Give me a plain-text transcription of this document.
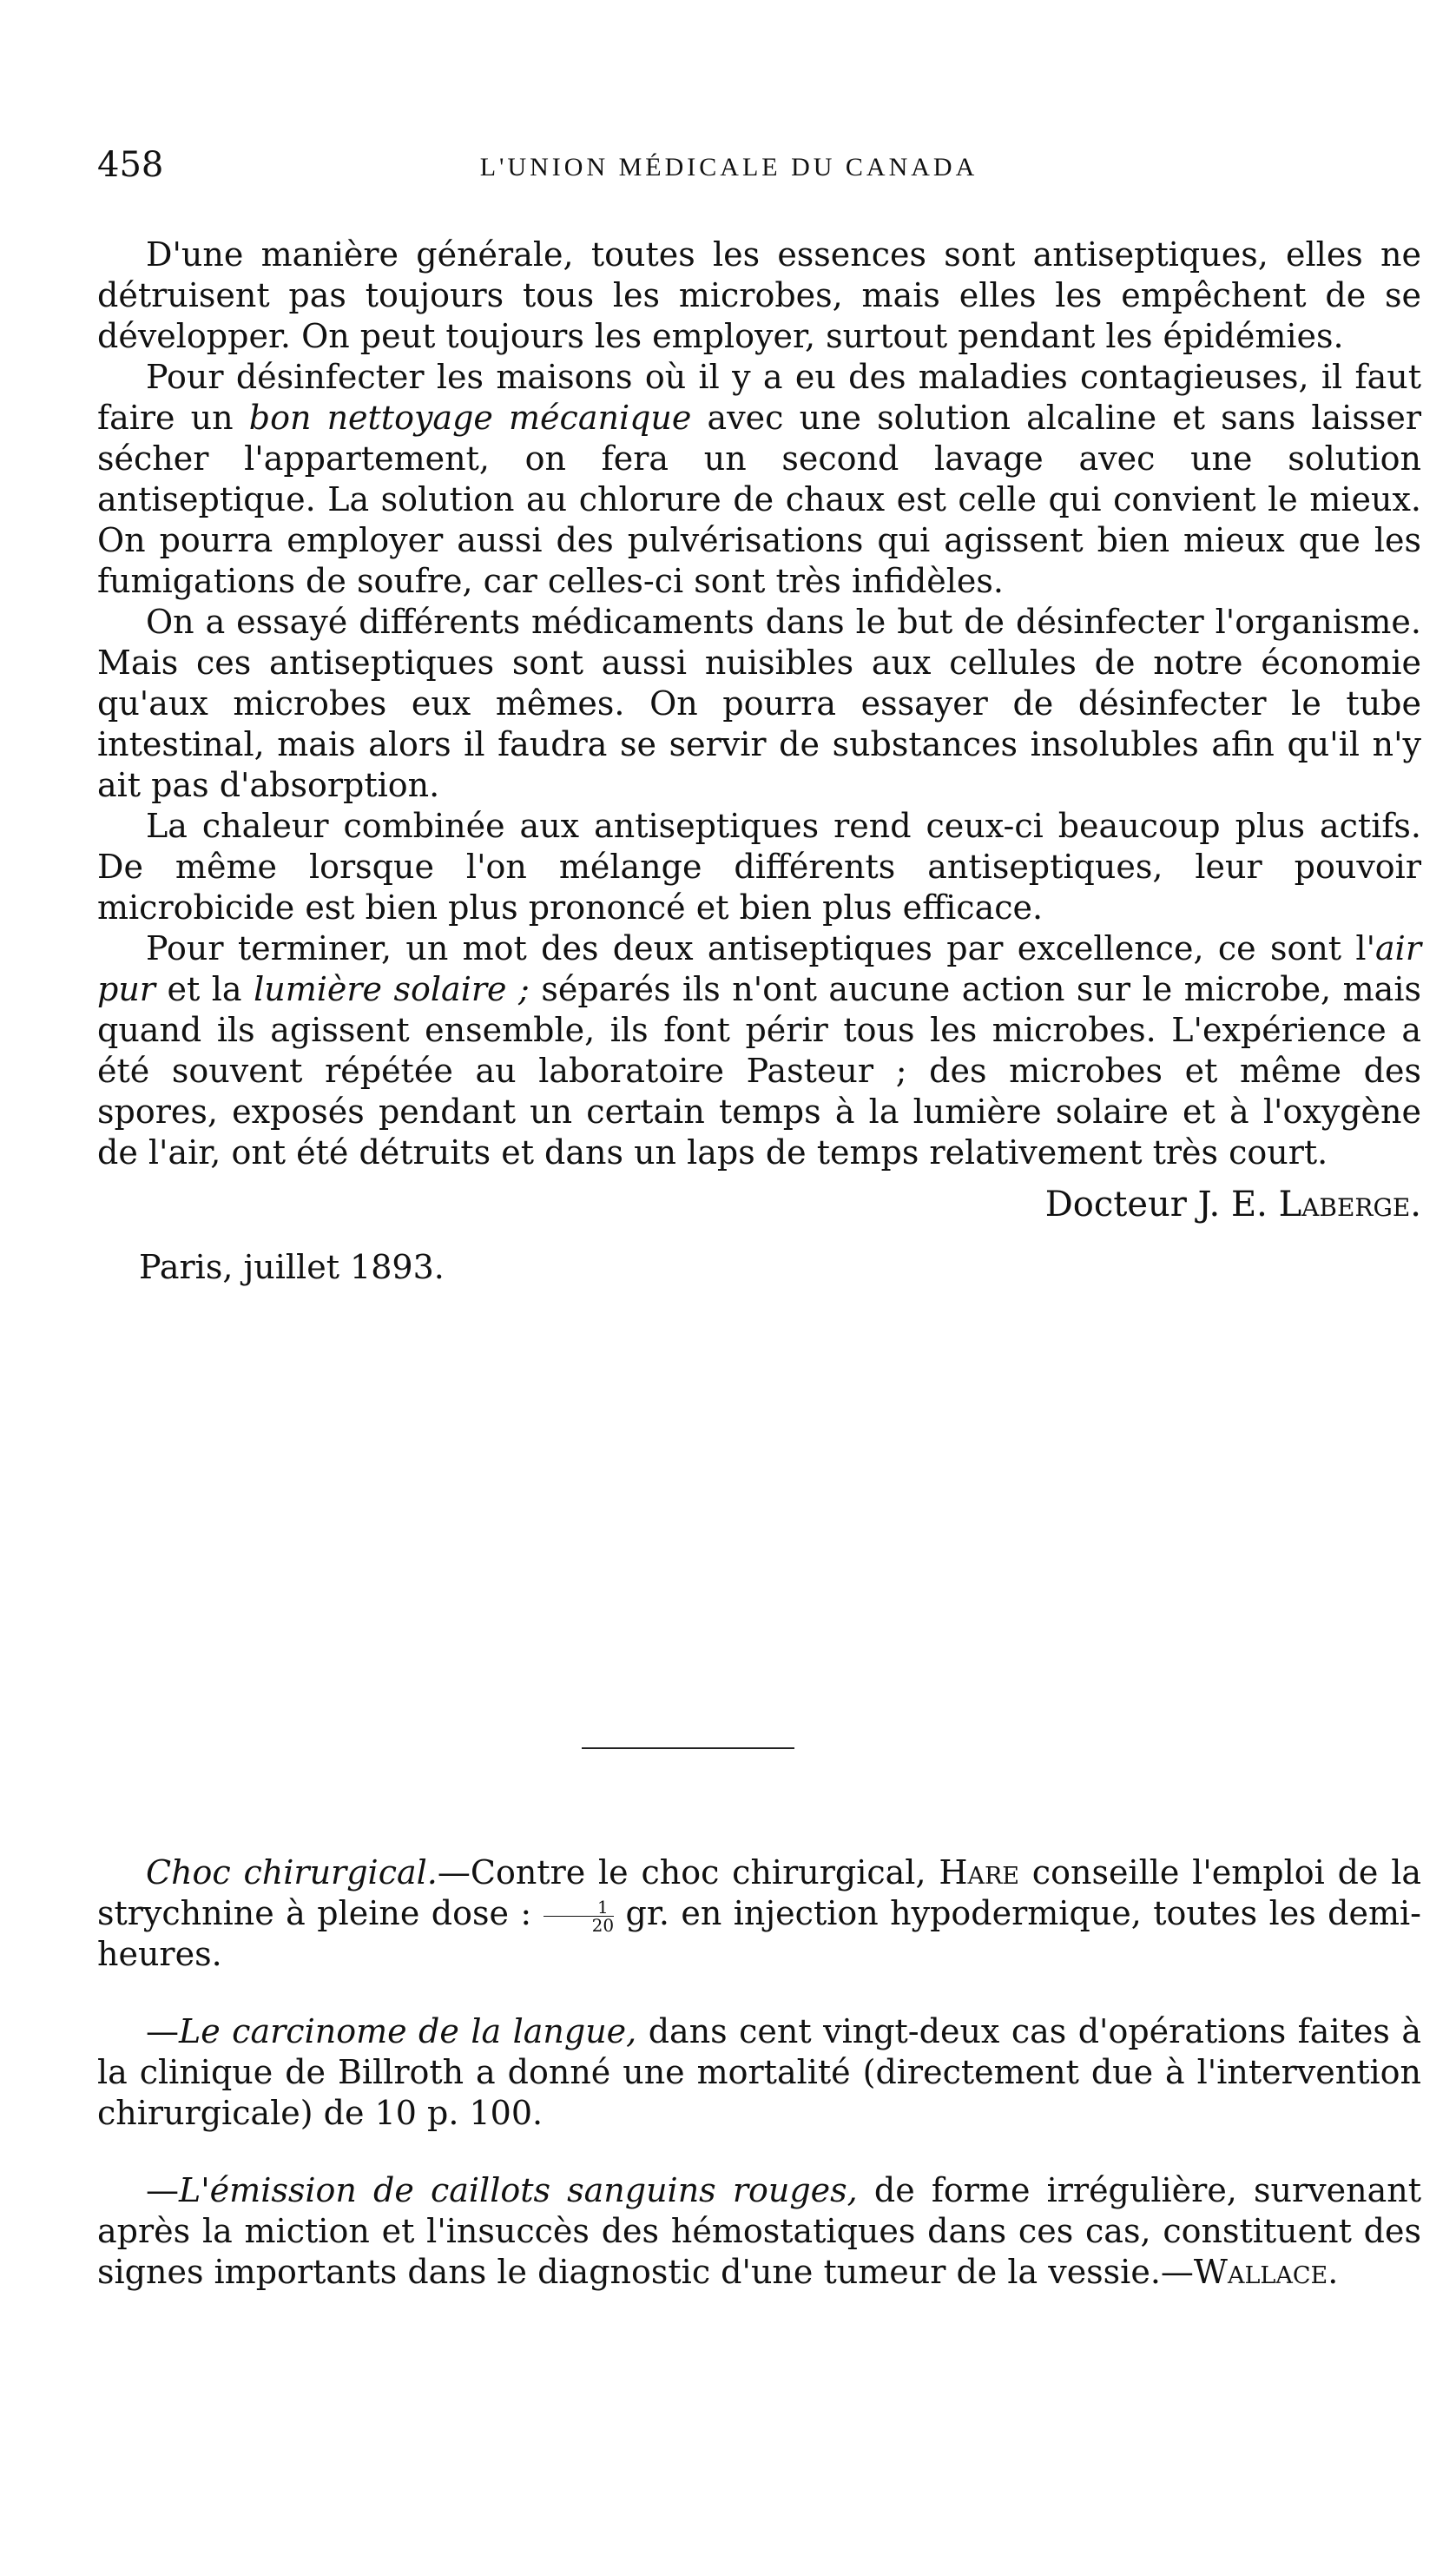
458	L'UNION MÉDICALE DU CANADA

D'une manière générale, toutes les essences sont antiseptiques, elles ne détruisent pas toujours tous les microbes, mais elles les empêchent de se développer. On peut toujours les employer, surtout pendant les épidémies.

Pour désinfecter les maisons où il y a eu des maladies contagieuses, il faut faire un bon nettoyage mécanique avec une solution alcaline et sans laisser sécher l'appartement, on fera un second lavage avec une solution antiseptique. La solution au chlorure de chaux est celle qui convient le mieux. On pourra employer aussi des pulvérisations qui agissent bien mieux que les fumigations de soufre, car celles-ci sont très infidèles.

On a essayé différents médicaments dans le but de désinfecter l'organisme. Mais ces antiseptiques sont aussi nuisibles aux cellules de notre économie qu'aux microbes eux mêmes. On pourra essayer de désinfecter le tube intestinal, mais alors il faudra se servir de substances insolubles afin qu'il n'y ait pas d'absorption.

La chaleur combinée aux antiseptiques rend ceux-ci beaucoup plus actifs. De même lorsque l'on mélange différents antiseptiques, leur pouvoir microbicide est bien plus prononcé et bien plus efficace.

Pour terminer, un mot des deux antiseptiques par excellence, ce sont l'air pur et la lumière solaire ; séparés ils n'ont aucune action sur le microbe, mais quand ils agissent ensemble, ils font périr tous les microbes. L'expérience a été souvent répétée au laboratoire Pasteur ; des microbes et même des spores, exposés pendant un certain temps à la lumière solaire et à l'oxygène de l'air, ont été détruits et dans un laps de temps relativement très court.

Docteur J. E. Laberge.

Paris, juillet 1893.

Choc chirurgical.—Contre le choc chirurgical, Hare conseille l'emploi de la strychnine à pleine dose : $\frac{1}{20}$ gr. en injection hypodermique, toutes les demi-heures.

—Le carcinome de la langue, dans cent vingt-deux cas d'opérations faites à la clinique de Billroth a donné une mortalité (directement due à l'intervention chirurgicale) de 10 p. 100.

—L'émission de caillots sanguins rouges, de forme irrégulière, survenant après la miction et l'insuccès des hémostatiques dans ces cas, constituent des signes importants dans le diagnostic d'une tumeur de la vessie.—Wallace.
